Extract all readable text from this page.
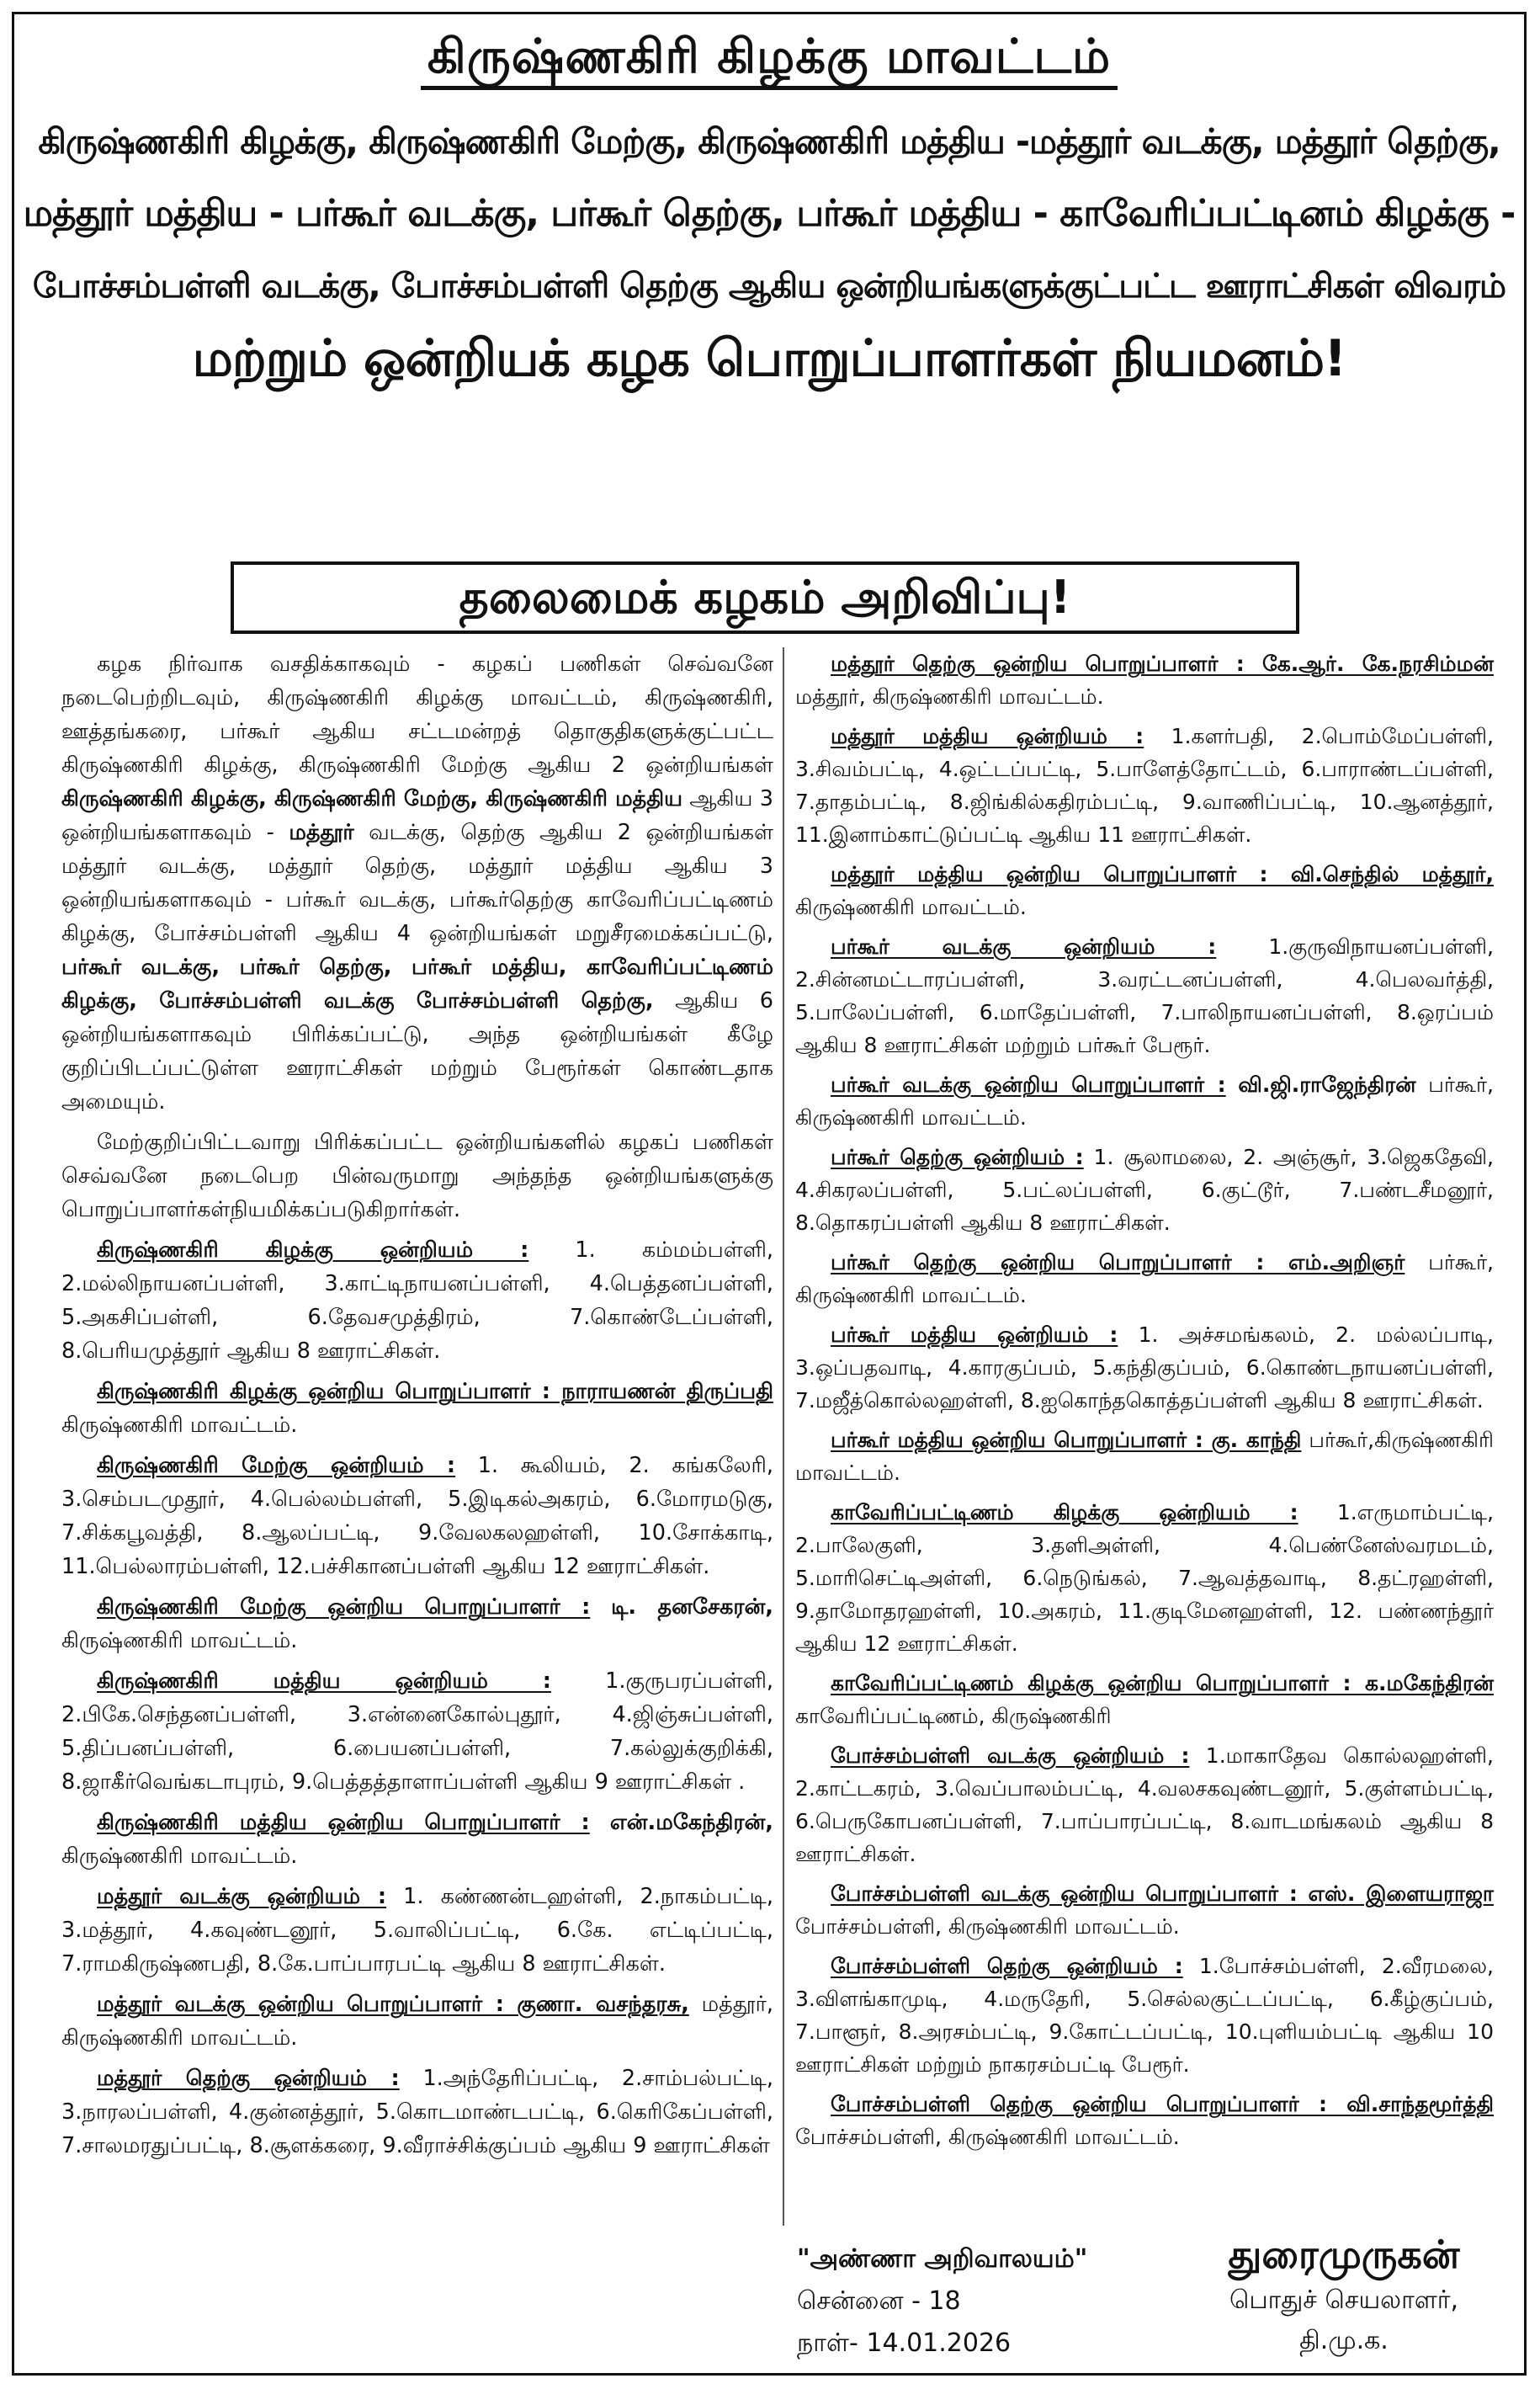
கிருஷ்ணகிரி கிழக்கு மாவட்டம்
கிருஷ்ணகிரி கிழக்கு, கிருஷ்ணகிரி மேற்கு, கிருஷ்ணகிரி மத்திய -மத்தூர் வடக்கு, மத்தூர் தெற்கு,
மத்தூர் மத்திய - பர்கூர் வடக்கு, பர்கூர் தெற்கு, பர்கூர் மத்திய - காவேரிப்பட்டினம் கிழக்கு -
போச்சம்பள்ளி வடக்கு, போச்சம்பள்ளி தெற்கு ஆகிய ஒன்றியங்களுக்குட்பட்ட ஊராட்சிகள் விவரம்
மற்றும் ஒன்றியக் கழக பொறுப்பாளர்கள் நியமனம்!
தலைமைக் கழகம் அறிவிப்பு!

கழக நிர்வாக வசதிக்காகவும் - கழகப் பணிகள் செவ்வனே நடைபெற்றிடவும், கிருஷ்ணகிரி கிழக்கு மாவட்டம், கிருஷ்ணகிரி, ஊத்தங்கரை, பர்கூர் ஆகிய சட்டமன்றத் தொகுதிகளுக்குட்பட்ட கிருஷ்ணகிரி கிழக்கு, கிருஷ்ணகிரி மேற்கு ஆகிய 2 ஒன்றியங்கள் கிருஷ்ணகிரி கிழக்கு, கிருஷ்ணகிரி மேற்கு, கிருஷ்ணகிரி மத்திய ஆகிய 3 ஒன்றியங்களாகவும் - மத்தூர் வடக்கு, தெற்கு ஆகிய 2 ஒன்றியங்கள் மத்தூர் வடக்கு, மத்தூர் தெற்கு, மத்தூர் மத்திய ஆகிய 3 ஒன்றியங்களாகவும் - பர்கூர் வடக்கு, பர்கூர்தெற்கு காவேரிப்பட்டிணம் கிழக்கு, போச்சம்பள்ளி ஆகிய 4 ஒன்றியங்கள் மறுசீரமைக்கப்பட்டு, பர்கூர் வடக்கு, பர்கூர் தெற்கு, பர்கூர் மத்திய, காவேரிப்பட்டிணம் கிழக்கு, போச்சம்பள்ளி வடக்கு போச்சம்பள்ளி தெற்கு, ஆகிய 6 ஒன்றியங்களாகவும் பிரிக்கப்பட்டு, அந்த ஒன்றியங்கள் கீழே குறிப்பிடப்பட்டுள்ள ஊராட்சிகள் மற்றும் பேரூர்கள் கொண்டதாக அமையும்.

மேற்குறிப்பிட்டவாறு பிரிக்கப்பட்ட ஒன்றியங்களில் கழகப் பணிகள் செவ்வனே நடைபெற பின்வருமாறு அந்தந்த ஒன்றியங்களுக்கு பொறுப்பாளர்கள்நியமிக்கப்படுகிறார்கள்.

கிருஷ்ணகிரி கிழக்கு ஒன்றியம் : 1. கம்மம்பள்ளி, 2.மல்லிநாயனப்பள்ளி, 3.காட்டிநாயனப்பள்ளி, 4.பெத்தனப்பள்ளி, 5.அகசிப்பள்ளி, 6.தேவசமுத்திரம், 7.கொண்டேப்பள்ளி, 8.பெரியமுத்தூர் ஆகிய 8 ஊராட்சிகள்.

கிருஷ்ணகிரி கிழக்கு ஒன்றிய பொறுப்பாளர் : நாராயணன் திருப்பதி கிருஷ்ணகிரி மாவட்டம்.

கிருஷ்ணகிரி மேற்கு ஒன்றியம் : 1. கூலியம், 2. கங்கலேரி, 3.செம்படமுதூர், 4.பெல்லம்பள்ளி, 5.இடிகல்அகரம், 6.மோரமடுகு, 7.சிக்கபூவத்தி, 8.ஆலப்பட்டி, 9.வேலகலஹள்ளி, 10.சோக்காடி, 11.பெல்லாரம்பள்ளி, 12.பச்சிகானப்பள்ளி ஆகிய 12 ஊராட்சிகள்.

கிருஷ்ணகிரி மேற்கு ஒன்றிய பொறுப்பாளர் : டி. தனசேகரன், கிருஷ்ணகிரி மாவட்டம்.

கிருஷ்ணகிரி மத்திய ஒன்றியம் :	1.குருபரப்பள்ளி, 2.பிகே.செந்தனப்பள்ளி, 3.என்னைகோல்புதூர், 4.ஜிஞ்சுப்பள்ளி, 5.திப்பனப்பள்ளி, 6.பையனப்பள்ளி, 7.கல்லுக்குறிக்கி, 8.ஜாகீர்வெங்கடாபுரம், 9.பெத்தத்தாளாப்பள்ளி ஆகிய 9 ஊராட்சிகள் .

கிருஷ்ணகிரி மத்திய ஒன்றிய பொறுப்பாளர் : என்.மகேந்திரன், கிருஷ்ணகிரி மாவட்டம்.

மத்தூர் வடக்கு ஒன்றியம் : 1. கண்ணன்டஹள்ளி, 2.நாகம்பட்டி, 3.மத்தூர், 4.கவுண்டனூர், 5.வாலிப்பட்டி, 6.கே. எட்டிப்பட்டி, 7.ராமகிருஷ்ணபதி, 8.கே.பாப்பாரபட்டி ஆகிய 8 ஊராட்சிகள்.

மத்தூர் வடக்கு ஒன்றிய பொறுப்பாளர் : குணா. வசந்தரசு, மத்தூர், கிருஷ்ணகிரி மாவட்டம்.

மத்தூர் தெற்கு ஒன்றியம் : 1.அந்தேரிப்பட்டி, 2.சாம்பல்பட்டி, 3.நாரலப்பள்ளி, 4.குன்னத்தூர், 5.கொடமாண்டபட்டி, 6.கெரிகேப்பள்ளி, 7.சாலமரதுப்பட்டி, 8.சூளக்கரை, 9.வீராச்சிக்குப்பம் ஆகிய 9 ஊராட்சிகள்

மத்தூர் தெற்கு ஒன்றிய பொறுப்பாளர் : கே.ஆர். கே.நரசிம்மன் மத்தூர், கிருஷ்ணகிரி மாவட்டம்.

மத்தூர் மத்திய ஒன்றியம் : 1.களர்பதி, 2.பொம்மேப்பள்ளி, 3.சிவம்பட்டி, 4.ஒட்டப்பட்டி, 5.பாளேத்தோட்டம், 6.பாராண்டப்பள்ளி, 7.தாதம்பட்டி, 8.ஜிங்கில்கதிரம்பட்டி, 9.வாணிப்பட்டி, 10.ஆனத்தூர், 11.இனாம்காட்டுப்பட்டி ஆகிய 11 ஊராட்சிகள்.

மத்தூர் மத்திய ஒன்றிய பொறுப்பாளர் : வி.செந்தில் மத்தூர், கிருஷ்ணகிரி மாவட்டம்.

பர்கூர் வடக்கு ஒன்றியம் : 1.குருவிநாயனப்பள்ளி, 2.சின்னமட்டாரப்பள்ளி, 3.வரட்டனப்பள்ளி, 4.பெலவர்த்தி, 5.பாலேப்பள்ளி, 6.மாதேப்பள்ளி, 7.பாலிநாயனப்பள்ளி, 8.ஒரப்பம் ஆகிய 8 ஊராட்சிகள் மற்றும் பர்கூர் பேரூர்.

பர்கூர் வடக்கு ஒன்றிய பொறுப்பாளர் : வி.ஜி.ராஜேந்திரன் பர்கூர், கிருஷ்ணகிரி மாவட்டம்.

பர்கூர் தெற்கு ஒன்றியம் : 1. சூலாமலை, 2. அஞ்சூர், 3.ஜெகதேவி, 4.சிகரலப்பள்ளி, 5.பட்லப்பள்ளி, 6.குட்டூர், 7.பண்டசீமனூர், 8.தொகரப்பள்ளி ஆகிய 8 ஊராட்சிகள்.

பர்கூர் தெற்கு ஒன்றிய பொறுப்பாளர் : எம்.அறிஞர் பர்கூர், கிருஷ்ணகிரி மாவட்டம்.

பர்கூர் மத்திய ஒன்றியம் : 1. அச்சமங்கலம், 2. மல்லப்பாடி, 3.ஒப்பதவாடி, 4.காரகுப்பம், 5.கந்திகுப்பம், 6.கொண்டநாயனப்பள்ளி, 7.மஜீத்கொல்லஹள்ளி, 8.ஐகொந்தகொத்தப்பள்ளி ஆகிய 8 ஊராட்சிகள்.

பர்கூர் மத்திய ஒன்றிய பொறுப்பாளர் : கு. காந்தி பர்கூர்,கிருஷ்ணகிரி மாவட்டம்.

காவேரிப்பட்டிணம் கிழக்கு ஒன்றியம் : 1.எருமாம்பட்டி, 2.பாலேகுளி, 3.தளிஅள்ளி, 4.பெண்னேஸ்வரமடம், 5.மாரிசெட்டிஅள்ளி, 6.நெடுங்கல், 7.ஆவத்தவாடி, 8.தட்ரஹள்ளி, 9.தாமோதரஹள்ளி, 10.அகரம், 11.குடிமேனஹள்ளி, 12. பண்ணந்தூர் ஆகிய 12 ஊராட்சிகள்.

காவேரிப்பட்டிணம் கிழக்கு ஒன்றிய பொறுப்பாளர் : க.மகேந்திரன் காவேரிப்பட்டிணம், கிருஷ்ணகிரி

போச்சம்பள்ளி வடக்கு ஒன்றியம் : 1.மாகாதேவ கொல்லஹள்ளி, 2.காட்டகரம், 3.வெப்பாலம்பட்டி, 4.வலசகவுண்டனூர், 5.குள்ளம்பட்டி, 6.பெருகோபனப்பள்ளி, 7.பாப்பாரப்பட்டி, 8.வாடமங்கலம் ஆகிய 8 ஊராட்சிகள்.

போச்சம்பள்ளி வடக்கு ஒன்றிய பொறுப்பாளர் : எஸ். இளையராஜா போச்சம்பள்ளி, கிருஷ்ணகிரி மாவட்டம்.

போச்சம்பள்ளி தெற்கு ஒன்றியம் : 1.போச்சம்பள்ளி, 2.வீரமலை, 3.விளங்காமுடி, 4.மருதேரி, 5.செல்லகுட்டப்பட்டி, 6.கீழ்குப்பம், 7.பாளூர், 8.அரசம்பட்டி, 9.கோட்டப்பட்டி, 10.புளியம்பட்டி ஆகிய 10 ஊராட்சிகள் மற்றும் நாகரசம்பட்டி பேரூர்.

போச்சம்பள்ளி தெற்கு ஒன்றிய பொறுப்பாளர் : வி.சாந்தமூர்த்தி போச்சம்பள்ளி, கிருஷ்ணகிரி மாவட்டம்.

"அண்ணா அறிவாலயம்"
சென்னை - 18
நாள்- 14.01.2026
துரைமுருகன்
பொதுச் செயலாளர்,
தி.மு.க.
